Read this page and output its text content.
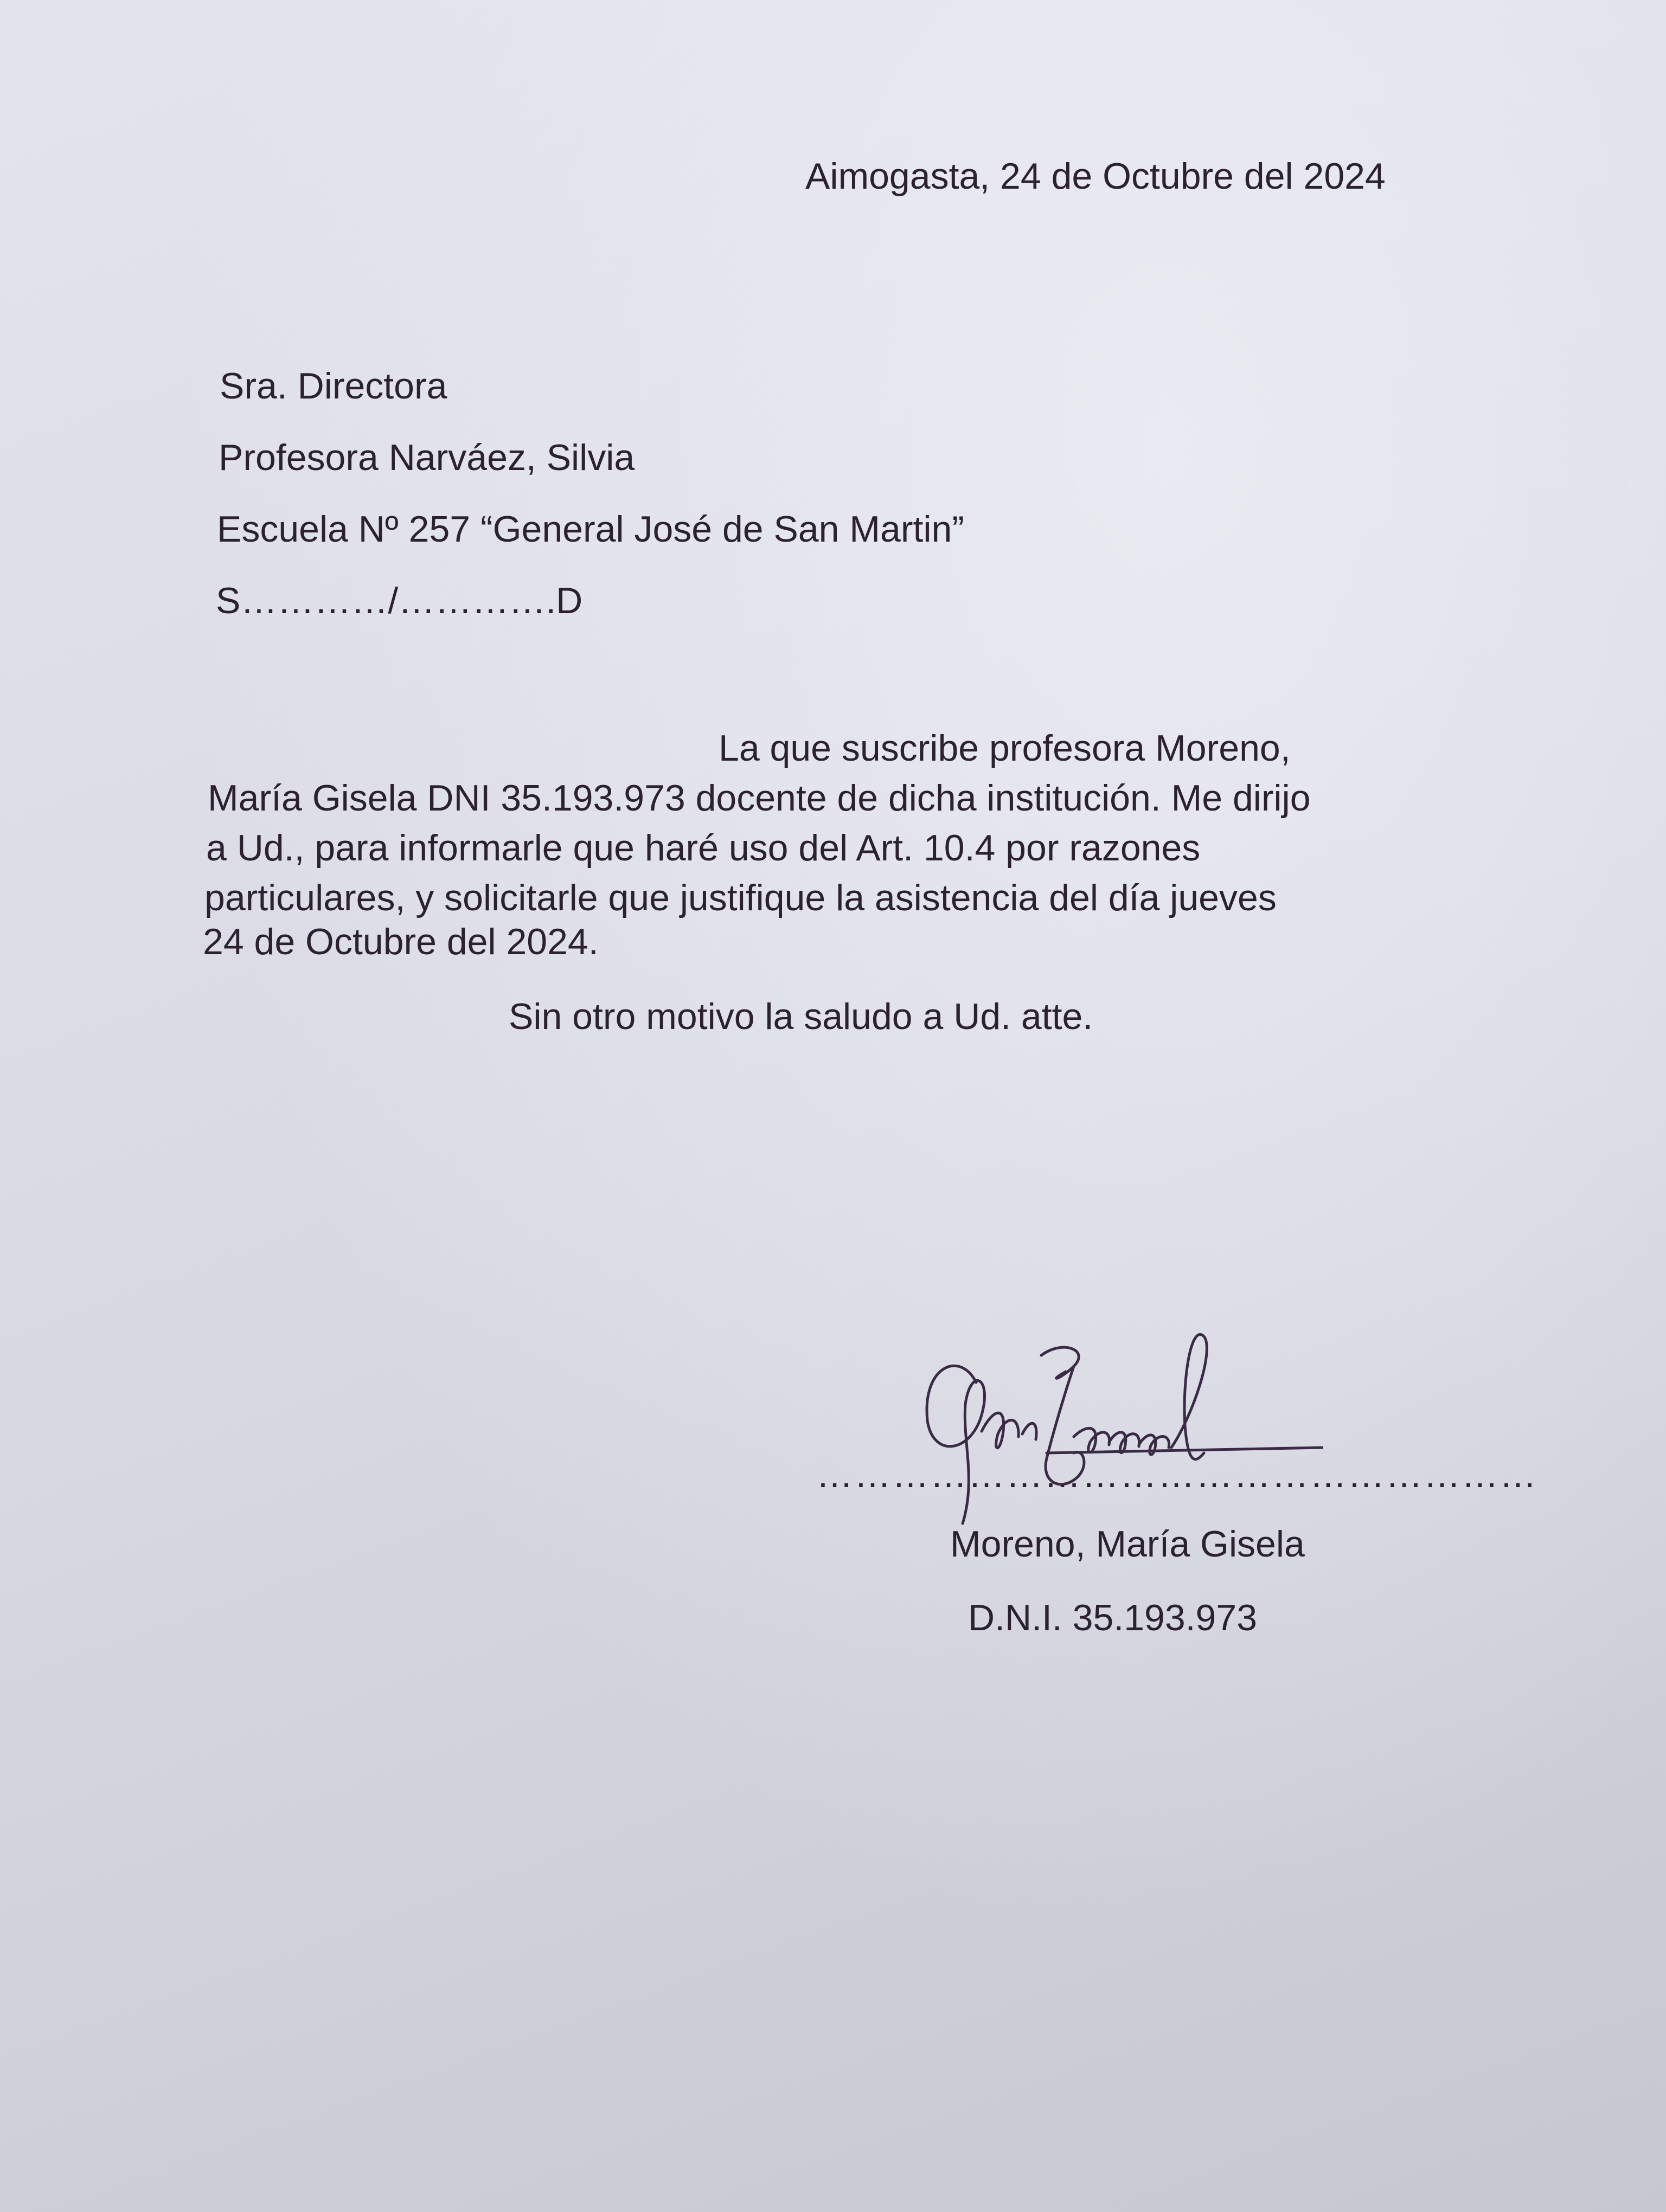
Aimogasta, 24 de Octubre del 2024
Sra. Directora
Profesora Narváez, Silvia
Escuela Nº 257 “General José de San Martin”
S…………/………….D
La que suscribe profesora Moreno,
María Gisela DNI 35.193.973 docente de dicha institución. Me dirijo
a Ud., para informarle que haré uso del Art. 10.4 por razones
particulares, y solicitarle que justifique la asistencia del día jueves
24 de Octubre del 2024.
Sin otro motivo la saludo a Ud. atte.
…………………………………………………
Moreno, María Gisela
D.N.I. 35.193.973
